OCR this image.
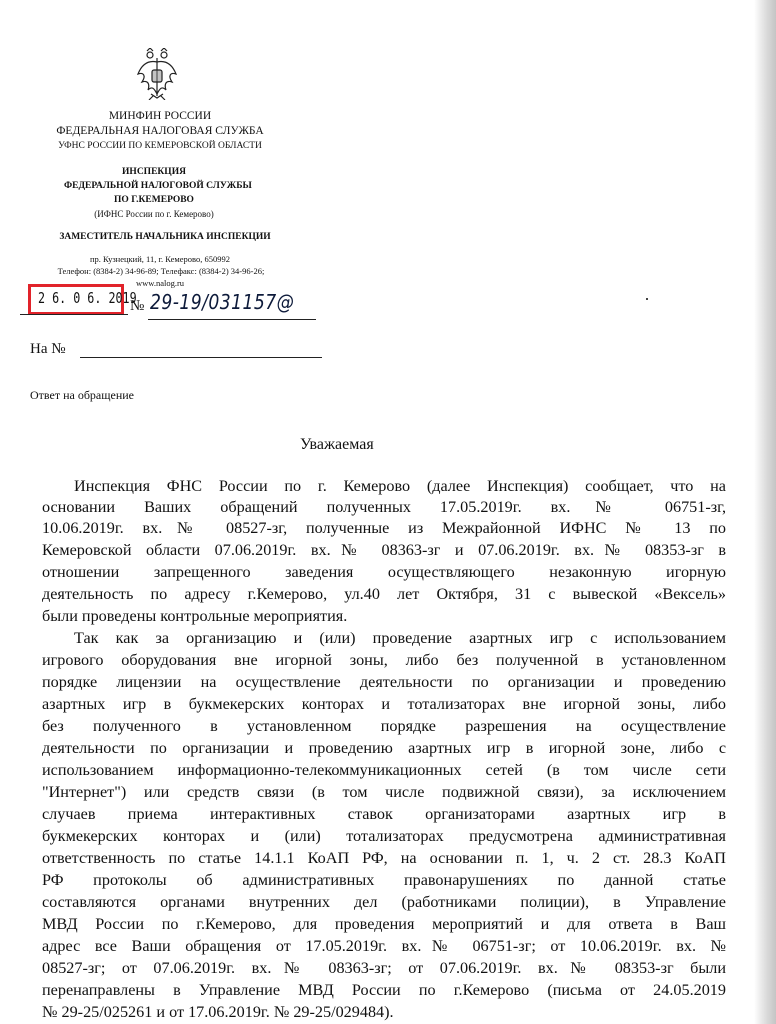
МИНФИН РОССИИ
ФЕДЕРАЛЬНАЯ НАЛОГОВАЯ СЛУЖБА
УФНС РОССИИ ПО КЕМЕРОВСКОЙ ОБЛАСТИ
ИНСПЕКЦИЯ
ФЕДЕРАЛЬНОЙ НАЛОГОВОЙ СЛУЖБЫ
ПО Г.КЕМЕРОВО
(ИФНС России по г. Кемерово)
ЗАМЕСТИТЕЛЬ НАЧАЛЬНИКА ИНСПЕКЦИИ
пр. Кузнецкий, 11, г. Кемерово, 650992
Телефон: (8384-2) 34-96-89; Телефакс: (8384-2) 34-96-26;
www.nalog.ru
2 6. 0 6. 2019
№ 29-19/031157@
На №
Ответ на обращение
Уважаемая
Инспекция ФНС России по г. Кемерово (далее Инспекция) сообщает, что на
основании Ваших обращений полученных 17.05.2019г. вх.№ 06751-зг,
10.06.2019г. вх.№ 08527-зг, полученные из Межрайонной ИФНС № 13 по
Кемеровской области 07.06.2019г. вх.№ 08363-зг и 07.06.2019г. вх.№ 08353-зг в
отношении запрещенного заведения осуществляющего незаконную игорную
деятельность по адресу г.Кемерово, ул.40 лет Октября, 31 с вывеской «Вексель»
были проведены контрольные мероприятия.
Так как за организацию и (или) проведение азартных игр с использованием
игрового оборудования вне игорной зоны, либо без полученной в установленном
порядке лицензии на осуществление деятельности по организации и проведению
азартных игр в букмекерских конторах и тотализаторах вне игорной зоны, либо
без полученного в установленном порядке разрешения на осуществление
деятельности по организации и проведению азартных игр в игорной зоне, либо с
использованием информационно-телекоммуникационных сетей (в том числе сети
"Интернет") или средств связи (в том числе подвижной связи), за исключением
случаев приема интерактивных ставок организаторами азартных игр в
букмекерских конторах и (или) тотализаторах предусмотрена административная
ответственность по статье 14.1.1 КоАП РФ, на основании п. 1, ч. 2 ст. 28.3 КоАП
РФ протоколы об административных правонарушениях по данной статье
составляются органами внутренних дел (работниками полиции), в Управление
МВД России по г.Кемерово, для проведения мероприятий и для ответа в Ваш
адрес все Ваши обращения от 17.05.2019г. вх.№ 06751-зг; от 10.06.2019г. вх. №
08527-зг; от 07.06.2019г. вх.№ 08363-зг; от 07.06.2019г. вх.№ 08353-зг были
перенаправлены в Управление МВД России по г.Кемерово (письма от 24.05.2019
№ 29-25/025261 и от 17.06.2019г. № 29-25/029484).
